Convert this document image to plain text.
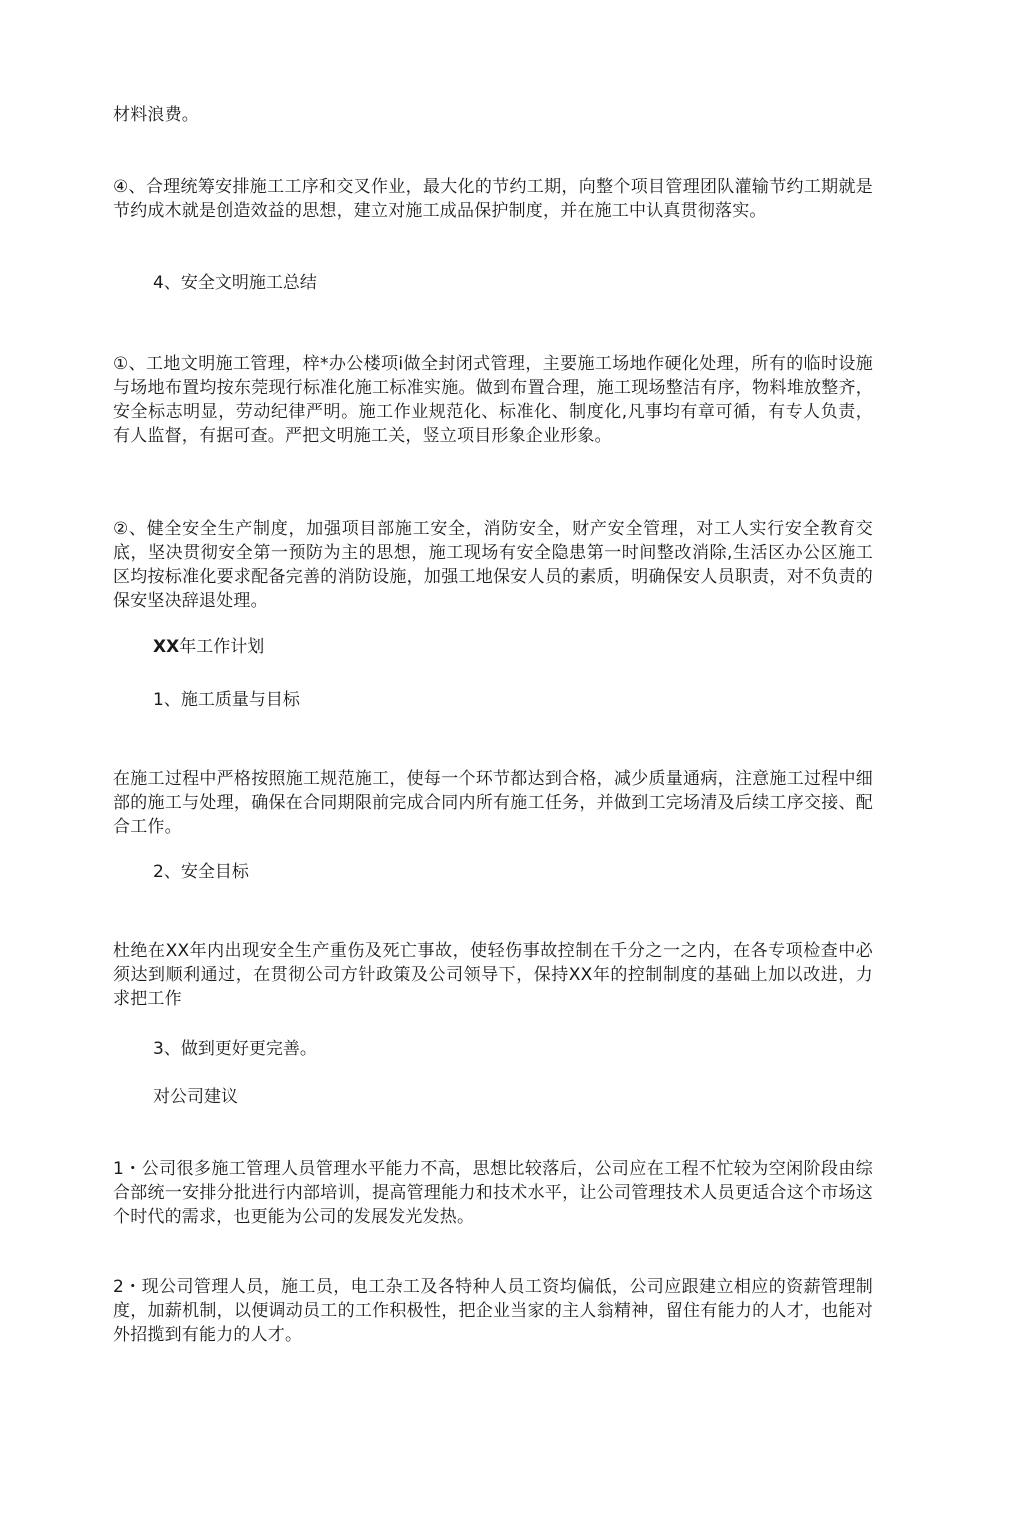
材料浪费。
④、合理统筹安排施工工序和交叉作业，最大化的节约工期，向整个项目管理团队灌输节约工期就是节约成木就是创造效益的思想，建立对施工成品保护制度，并在施工中认真贯彻落实。
4、安全文明施工总结
①、工地文明施工管理，梓*办公楼项i做全封闭式管理，主要施工场地作硬化处理，所有的临时设施与场地布置均按东莞现行标准化施工标准实施。做到布置合理，施工现场整洁有序，物料堆放整齐，安全标志明显，劳动纪律严明。施工作业规范化、标准化、制度化,凡事均有章可循，有专人负责，有人监督，有据可查。严把文明施工关，竖立项目形象企业形象。
②、健全安全生产制度，加强项目部施工安全，消防安全，财产安全管理，对工人实行安全教育交底，坚决贯彻安全第一预防为主的思想，施工现场有安全隐患第一时间整改消除,生活区办公区施工区均按标准化要求配备完善的消防设施，加强工地保安人员的素质，明确保安人员职责，对不负责的保安坚决辞退处理。
XX年工作计划
1、施工质量与目标
在施工过程中严格按照施工规范施工，使每一个环节都达到合格，减少质量通病，注意施工过程中细部的施工与处理，确保在合同期限前完成合同内所有施工任务，并做到工完场清及后续工序交接、配合工作。
2、安全目标
杜绝在XX年内出现安全生产重伤及死亡事故，使轻伤事故控制在千分之一之内，在各专项检查中必须达到顺利通过，在贯彻公司方针政策及公司领导下，保持XX年的控制制度的基础上加以改进，力求把工作
3、做到更好更完善。
对公司建议
1・公司很多施工管理人员管理水平能力不高，思想比较落后，公司应在工程不忙较为空闲阶段由综合部统一安排分批进行内部培训，提高管理能力和技术水平，让公司管理技术人员更适合这个市场这个时代的需求，也更能为公司的发展发光发热。
2・现公司管理人员，施工员，电工杂工及各特种人员工资均偏低，公司应跟建立相应的资薪管理制度，加薪机制，以便调动员工的工作积极性，把企业当家的主人翁精神，留住有能力的人才，也能对外招揽到有能力的人才。
